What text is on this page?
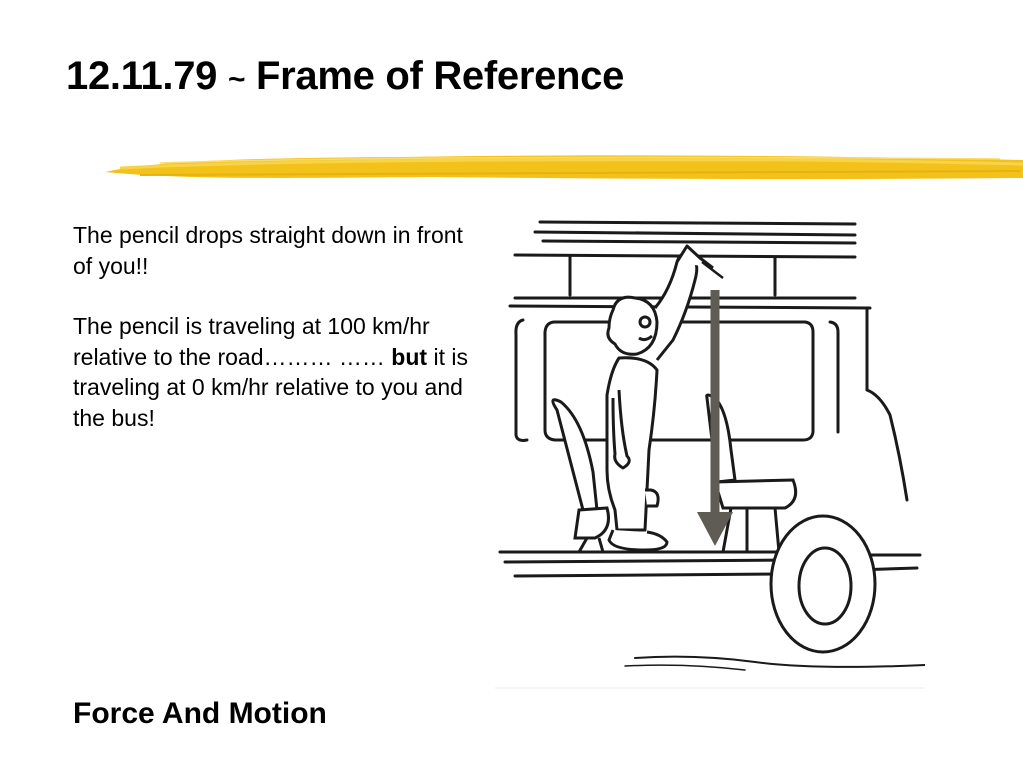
12.11.79 ~ Frame of Reference

The pencil drops straight down in front of you!!

The pencil is traveling at 100 km/hr relative to the road……… …… but it is traveling at 0 km/hr relative to you and the bus!

Force And Motion
